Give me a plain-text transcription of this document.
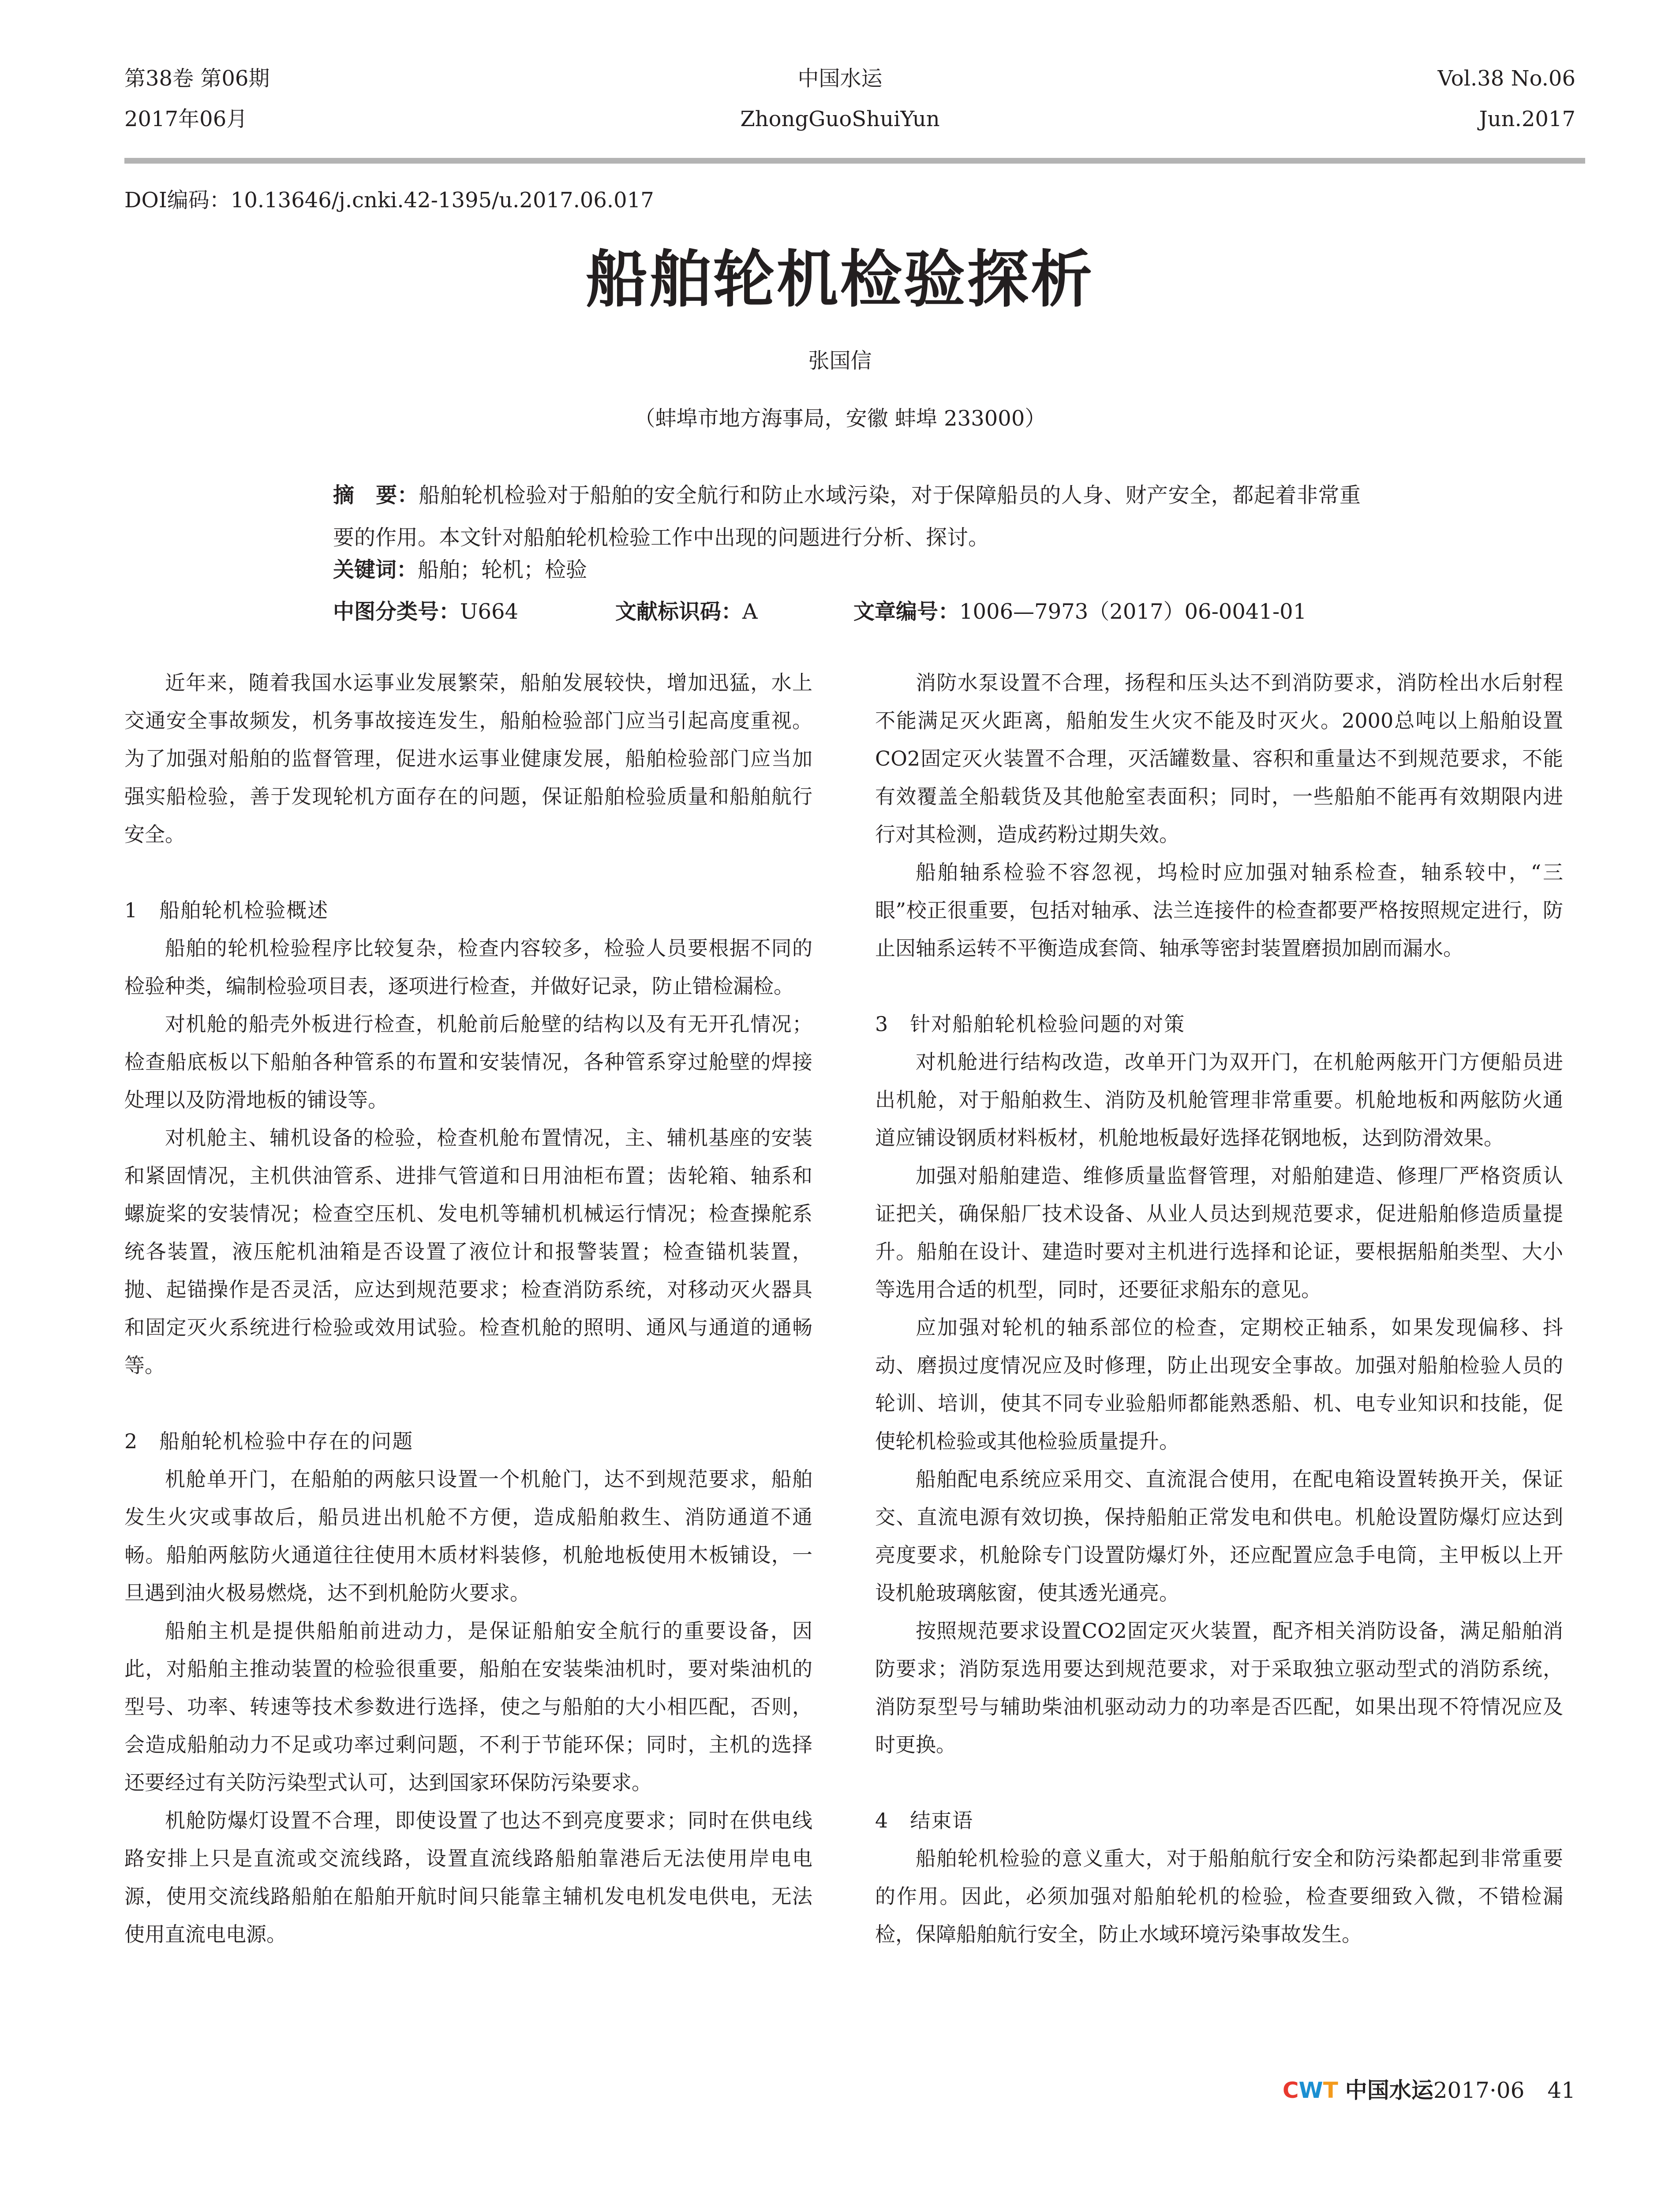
第38卷 第06期
2017年06月
中国水运
ZhongGuoShuiYun
Vol.38 No.06
Jun.2017
DOI编码：10.13646/j.cnki.42-1395/u.2017.06.017
船舶轮机检验探析
张国信
（蚌埠市地方海事局，安徽 蚌埠 233000）
摘　要：船舶轮机检验对于船舶的安全航行和防止水域污染，对于保障船员的人身、财产安全，都起着非常重要的作用。本文针对船舶轮机检验工作中出现的问题进行分析、探讨。
关键词：船舶；轮机；检验
中图分类号：U664	文献标识码：A	文章编号：1006—7973（2017）06-0041-01

近年来，随着我国水运事业发展繁荣，船舶发展较快，增加迅猛，水上交通安全事故频发，机务事故接连发生，船舶检验部门应当引起高度重视。为了加强对船舶的监督管理，促进水运事业健康发展，船舶检验部门应当加强实船检验，善于发现轮机方面存在的问题，保证船舶检验质量和船舶航行安全。

1　船舶轮机检验概述

船舶的轮机检验程序比较复杂，检查内容较多，检验人员要根据不同的检验种类，编制检验项目表，逐项进行检查，并做好记录，防止错检漏检。

对机舱的船壳外板进行检查，机舱前后舱壁的结构以及有无开孔情况；检查船底板以下船舶各种管系的布置和安装情况，各种管系穿过舱壁的焊接处理以及防滑地板的铺设等。

对机舱主、辅机设备的检验，检查机舱布置情况，主、辅机基座的安装和紧固情况，主机供油管系、进排气管道和日用油柜布置；齿轮箱、轴系和螺旋桨的安装情况；检查空压机、发电机等辅机机械运行情况；检查操舵系统各装置，液压舵机油箱是否设置了液位计和报警装置；检查锚机装置，抛、起锚操作是否灵活，应达到规范要求；检查消防系统，对移动灭火器具和固定灭火系统进行检验或效用试验。检查机舱的照明、通风与通道的通畅等。

2　船舶轮机检验中存在的问题

机舱单开门，在船舶的两舷只设置一个机舱门，达不到规范要求，船舶发生火灾或事故后，船员进出机舱不方便，造成船舶救生、消防通道不通畅。船舶两舷防火通道往往使用木质材料装修，机舱地板使用木板铺设，一旦遇到油火极易燃烧，达不到机舱防火要求。

船舶主机是提供船舶前进动力，是保证船舶安全航行的重要设备，因此，对船舶主推动装置的检验很重要，船舶在安装柴油机时，要对柴油机的型号、功率、转速等技术参数进行选择，使之与船舶的大小相匹配，否则，会造成船舶动力不足或功率过剩问题，不利于节能环保；同时，主机的选择还要经过有关防污染型式认可，达到国家环保防污染要求。

机舱防爆灯设置不合理，即使设置了也达不到亮度要求；同时在供电线路安排上只是直流或交流线路，设置直流线路船舶靠港后无法使用岸电电源，使用交流线路船舶在船舶开航时间只能靠主辅机发电机发电供电，无法使用直流电电源。

消防水泵设置不合理，扬程和压头达不到消防要求，消防栓出水后射程不能满足灭火距离，船舶发生火灾不能及时灭火。2000总吨以上船舶设置CO2固定灭火装置不合理，灭活罐数量、容积和重量达不到规范要求，不能有效覆盖全船载货及其他舱室表面积；同时，一些船舶不能再有效期限内进行对其检测，造成药粉过期失效。

船舶轴系检验不容忽视，坞检时应加强对轴系检查，轴系较中，“三眼”校正很重要，包括对轴承、法兰连接件的检查都要严格按照规定进行，防止因轴系运转不平衡造成套筒、轴承等密封装置磨损加剧而漏水。

3　针对船舶轮机检验问题的对策

对机舱进行结构改造，改单开门为双开门，在机舱两舷开门方便船员进出机舱，对于船舶救生、消防及机舱管理非常重要。机舱地板和两舷防火通道应铺设钢质材料板材，机舱地板最好选择花钢地板，达到防滑效果。

加强对船舶建造、维修质量监督管理，对船舶建造、修理厂严格资质认证把关，确保船厂技术设备、从业人员达到规范要求，促进船舶修造质量提升。船舶在设计、建造时要对主机进行选择和论证，要根据船舶类型、大小等选用合适的机型，同时，还要征求船东的意见。

应加强对轮机的轴系部位的检查，定期校正轴系，如果发现偏移、抖动、磨损过度情况应及时修理，防止出现安全事故。加强对船舶检验人员的轮训、培训，使其不同专业验船师都能熟悉船、机、电专业知识和技能，促使轮机检验或其他检验质量提升。

船舶配电系统应采用交、直流混合使用，在配电箱设置转换开关，保证交、直流电源有效切换，保持船舶正常发电和供电。机舱设置防爆灯应达到亮度要求，机舱除专门设置防爆灯外，还应配置应急手电筒，主甲板以上开设机舱玻璃舷窗，使其透光通亮。

按照规范要求设置CO2固定灭火装置，配齐相关消防设备，满足船舶消防要求；消防泵选用要达到规范要求，对于采取独立驱动型式的消防系统，消防泵型号与辅助柴油机驱动动力的功率是否匹配，如果出现不符情况应及时更换。

4　结束语

船舶轮机检验的意义重大，对于船舶航行安全和防污染都起到非常重要的作用。因此，必须加强对船舶轮机的检验，检查要细致入微，不错检漏检，保障船舶航行安全，防止水域环境污染事故发生。

CWT 中国水运2017·06 41
